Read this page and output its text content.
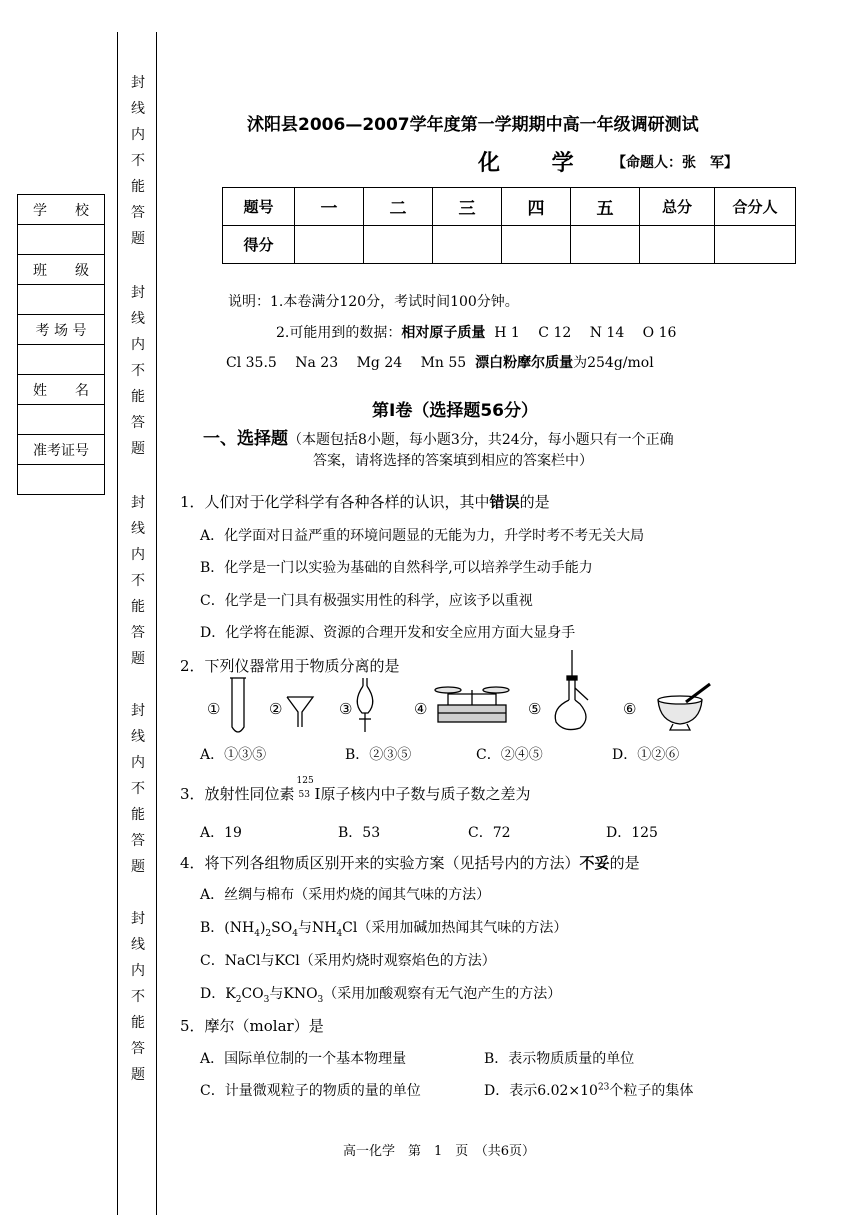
封
线
内
不
能
答
题
封
线
内
不
能
答
题
封
线
内
不
能
答
题
封
线
内
不
能
答
题
封
线
内
不
能
答
题
学　　校

班　　级

考 场 号

姓　　名

准考证号

沭阳县2006—2007学年度第一学期期中高一年级调研测试
化 学 【命题人：张　军】
题号	一	二	三	四	五	总分	合分人
得分							
说明：1.本卷满分120分，考试时间100分钟。
2.可能用到的数据：相对原子质量 H 1　 C 12　 N 14　 O 16
Cl 35.5　 Na 23　 Mg 24　 Mn 55 漂白粉摩尔质量为254g/mol
第Ⅰ卷（选择题56分）
一、选择题（本题包括8小题，每小题3分，共24分，每小题只有一个正确
答案，请将选择的答案填到相应的答案栏中）
1．人们对于化学科学有各种各样的认识，其中错误的是
A．化学面对日益严重的环境问题显的无能为力，升学时考不考无关大局
B．化学是一门以实验为基础的自然科学,可以培养学生动手能力
C．化学是一门具有极强实用性的科学，应该予以重视
D．化学将在能源、资源的合理开发和安全应用方面大显身手
2．下列仪器常用于物质分离的是
①	②	③	④	⑤	⑥
A．①③⑤	B．②③⑤	C．②④⑤	D．①②⑥
3．放射性同位素
125
53 I原子核内中子数与质子数之差为
A．19	B．53	C．72	D．125
4．将下列各组物质区别开来的实验方案（见括号内的方法）不妥的是
A．丝绸与棉布（采用灼烧的闻其气味的方法）
B．$(NH_4)_2SO_4$与$NH_4Cl$（采用加碱加热闻其气味的方法）
C．NaCl与KCl（采用灼烧时观察焰色的方法）
D．$K_2CO_3$与$KNO_3$（采用加酸观察有无气泡产生的方法）
5．摩尔（molar）是
A．国际单位制的一个基本物理量	B．表示物质质量的单位
C．计量微观粒子的物质的量的单位	D．表示$6.02\times 10^{23}$个粒子的集体
高一化学　第　1　页　（共6页）
